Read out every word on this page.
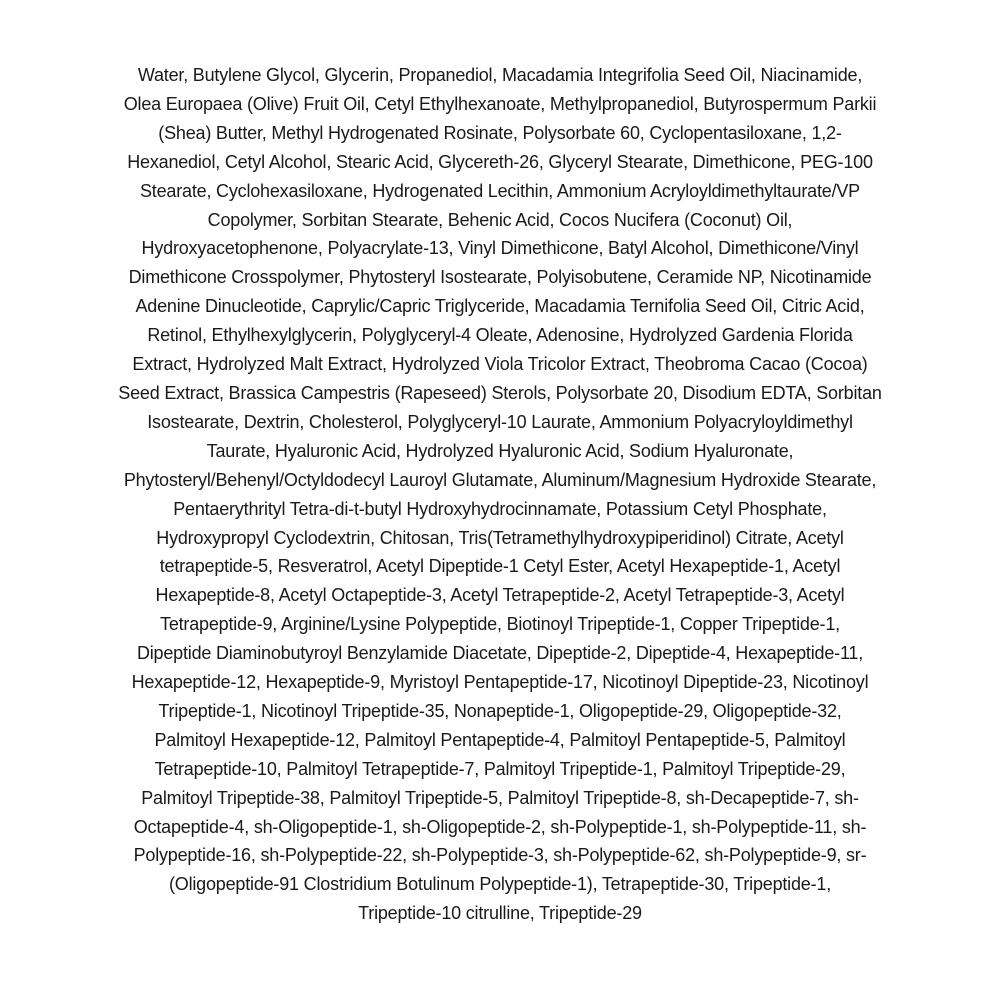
Water, Butylene Glycol, Glycerin, Propanediol, Macadamia Integrifolia Seed Oil, Niacinamide,
Olea Europaea (Olive) Fruit Oil, Cetyl Ethylhexanoate, Methylpropanediol, Butyrospermum Parkii
(Shea) Butter, Methyl Hydrogenated Rosinate, Polysorbate 60, Cyclopentasiloxane, 1,2-
Hexanediol, Cetyl Alcohol, Stearic Acid, Glycereth-26, Glyceryl Stearate, Dimethicone, PEG-100
Stearate, Cyclohexasiloxane, Hydrogenated Lecithin, Ammonium Acryloyldimethyltaurate/VP
Copolymer, Sorbitan Stearate, Behenic Acid, Cocos Nucifera (Coconut) Oil,
Hydroxyacetophenone, Polyacrylate-13, Vinyl Dimethicone, Batyl Alcohol, Dimethicone/Vinyl
Dimethicone Crosspolymer, Phytosteryl Isostearate, Polyisobutene, Ceramide NP, Nicotinamide
Adenine Dinucleotide, Caprylic/Capric Triglyceride, Macadamia Ternifolia Seed Oil, Citric Acid,
Retinol, Ethylhexylglycerin, Polyglyceryl-4 Oleate, Adenosine, Hydrolyzed Gardenia Florida
Extract, Hydrolyzed Malt Extract, Hydrolyzed Viola Tricolor Extract, Theobroma Cacao (Cocoa)
Seed Extract, Brassica Campestris (Rapeseed) Sterols, Polysorbate 20, Disodium EDTA, Sorbitan
Isostearate, Dextrin, Cholesterol, Polyglyceryl-10 Laurate, Ammonium Polyacryloyldimethyl
Taurate, Hyaluronic Acid, Hydrolyzed Hyaluronic Acid, Sodium Hyaluronate,
Phytosteryl/Behenyl/Octyldodecyl Lauroyl Glutamate, Aluminum/Magnesium Hydroxide Stearate,
Pentaerythrityl Tetra-di-t-butyl Hydroxyhydrocinnamate, Potassium Cetyl Phosphate,
Hydroxypropyl Cyclodextrin, Chitosan, Tris(Tetramethylhydroxypiperidinol) Citrate, Acetyl
tetrapeptide-5, Resveratrol, Acetyl Dipeptide-1 Cetyl Ester, Acetyl Hexapeptide-1, Acetyl
Hexapeptide-8, Acetyl Octapeptide-3, Acetyl Tetrapeptide-2, Acetyl Tetrapeptide-3, Acetyl
Tetrapeptide-9, Arginine/Lysine Polypeptide, Biotinoyl Tripeptide-1, Copper Tripeptide-1,
Dipeptide Diaminobutyroyl Benzylamide Diacetate, Dipeptide-2, Dipeptide-4, Hexapeptide-11,
Hexapeptide-12, Hexapeptide-9, Myristoyl Pentapeptide-17, Nicotinoyl Dipeptide-23, Nicotinoyl
Tripeptide-1, Nicotinoyl Tripeptide-35, Nonapeptide-1, Oligopeptide-29, Oligopeptide-32,
Palmitoyl Hexapeptide-12, Palmitoyl Pentapeptide-4, Palmitoyl Pentapeptide-5, Palmitoyl
Tetrapeptide-10, Palmitoyl Tetrapeptide-7, Palmitoyl Tripeptide-1, Palmitoyl Tripeptide-29,
Palmitoyl Tripeptide-38, Palmitoyl Tripeptide-5, Palmitoyl Tripeptide-8, sh-Decapeptide-7, sh-
Octapeptide-4, sh-Oligopeptide-1, sh-Oligopeptide-2, sh-Polypeptide-1, sh-Polypeptide-11, sh-
Polypeptide-16, sh-Polypeptide-22, sh-Polypeptide-3, sh-Polypeptide-62, sh-Polypeptide-9, sr-
(Oligopeptide-91 Clostridium Botulinum Polypeptide-1), Tetrapeptide-30, Tripeptide-1,
Tripeptide-10 citrulline, Tripeptide-29
